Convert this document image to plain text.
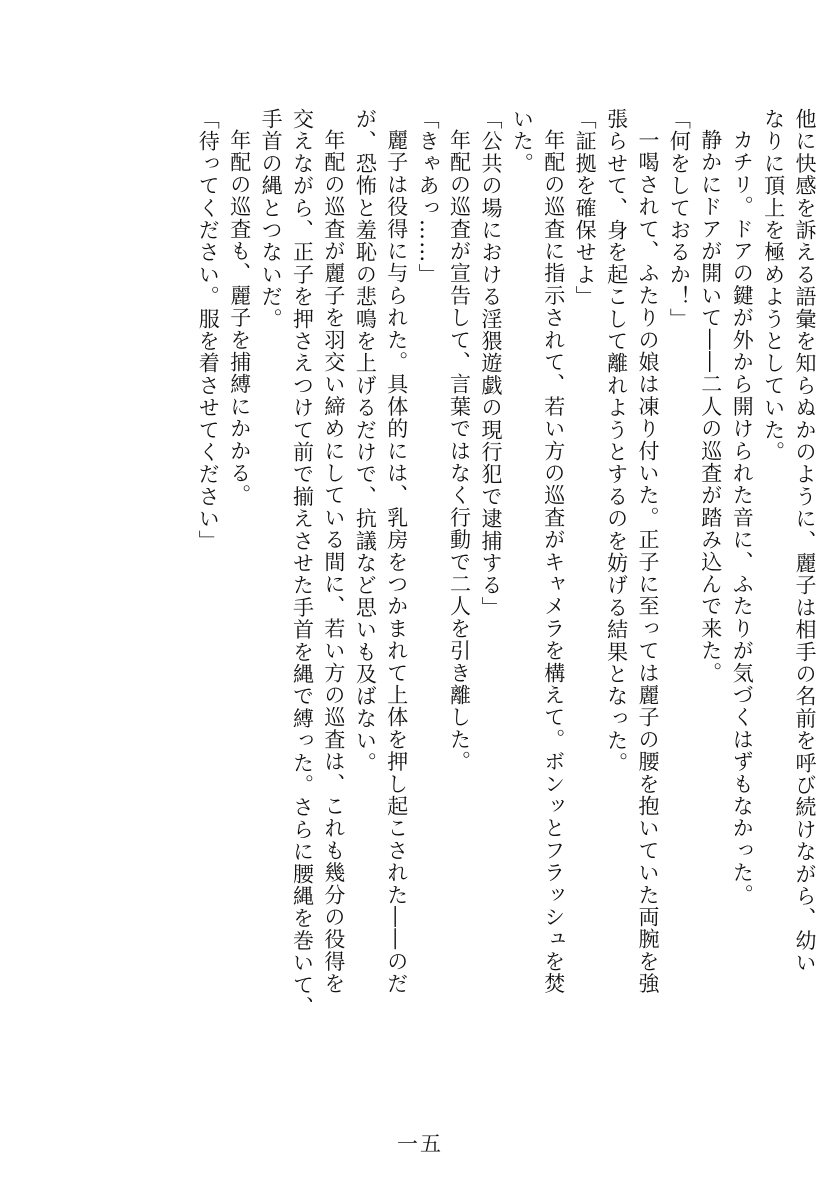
他に快感を訴える語彙を知らぬかのように、麗子は相手の名前を呼び続けながら、幼い
なりに頂上を極めようとしていた。
カチリ。ドアの鍵が外から開けられた音に、ふたりが気づくはずもなかった。
静かにドアが開いて――二人の巡査が踏み込んで来た。
「何をしておるか！」
一喝されて、ふたりの娘は凍り付いた。正子に至っては麗子の腰を抱いていた両腕を強
張らせて、身を起こして離れようとするのを妨げる結果となった。
「証拠を確保せよ」
年配の巡査に指示されて、若い方の巡査がキャメラを構えて。ボンッとフラッシュを焚
いた。
「公共の場における淫猥遊戯の現行犯で逮捕する」
年配の巡査が宣告して、言葉ではなく行動で二人を引き離した。
「きゃあっ……」
麗子は役得に与られた。具体的には、乳房をつかまれて上体を押し起こされた――のだ
が、恐怖と羞恥の悲鳴を上げるだけで、抗議など思いも及ばない。
年配の巡査が麗子を羽交い締めにしている間に、若い方の巡査は、これも幾分の役得を
交えながら、正子を押さえつけて前で揃えさせた手首を縄で縛った。さらに腰縄を巻いて、
手首の縄とつないだ。
年配の巡査も、麗子を捕縛にかかる。
「待ってください。服を着させてください」
一五
